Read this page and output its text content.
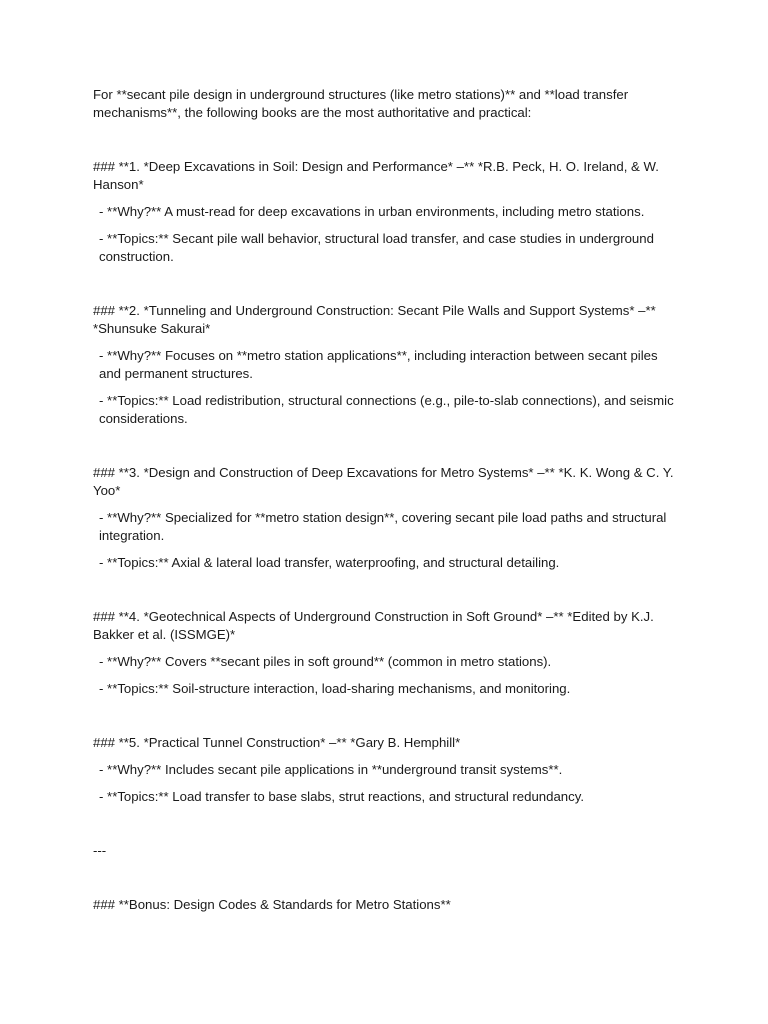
For **secant pile design in underground structures (like metro stations)** and **load transfer mechanisms**, the following books are the most authoritative and practical:

### **1. *Deep Excavations in Soil: Design and Performance* –** *R.B. Peck, H. O. Ireland, & W. Hanson*

- **Why?** A must-read for deep excavations in urban environments, including metro stations.

- **Topics:** Secant pile wall behavior, structural load transfer, and case studies in underground construction.

### **2. *Tunneling and Underground Construction: Secant Pile Walls and Support Systems* –** *Shunsuke Sakurai*

- **Why?** Focuses on **metro station applications**, including interaction between secant piles and permanent structures.

- **Topics:** Load redistribution, structural connections (e.g., pile-to-slab connections), and seismic considerations.

### **3. *Design and Construction of Deep Excavations for Metro Systems* –** *K. K. Wong & C. Y. Yoo*

- **Why?** Specialized for **metro station design**, covering secant pile load paths and structural integration.

- **Topics:** Axial & lateral load transfer, waterproofing, and structural detailing.

### **4. *Geotechnical Aspects of Underground Construction in Soft Ground* –** *Edited by K.J. Bakker et al. (ISSMGE)*

- **Why?** Covers **secant piles in soft ground** (common in metro stations).

- **Topics:** Soil-structure interaction, load-sharing mechanisms, and monitoring.

### **5. *Practical Tunnel Construction* –** *Gary B. Hemphill*

- **Why?** Includes secant pile applications in **underground transit systems**.

- **Topics:** Load transfer to base slabs, strut reactions, and structural redundancy.

---

### **Bonus: Design Codes & Standards for Metro Stations**
